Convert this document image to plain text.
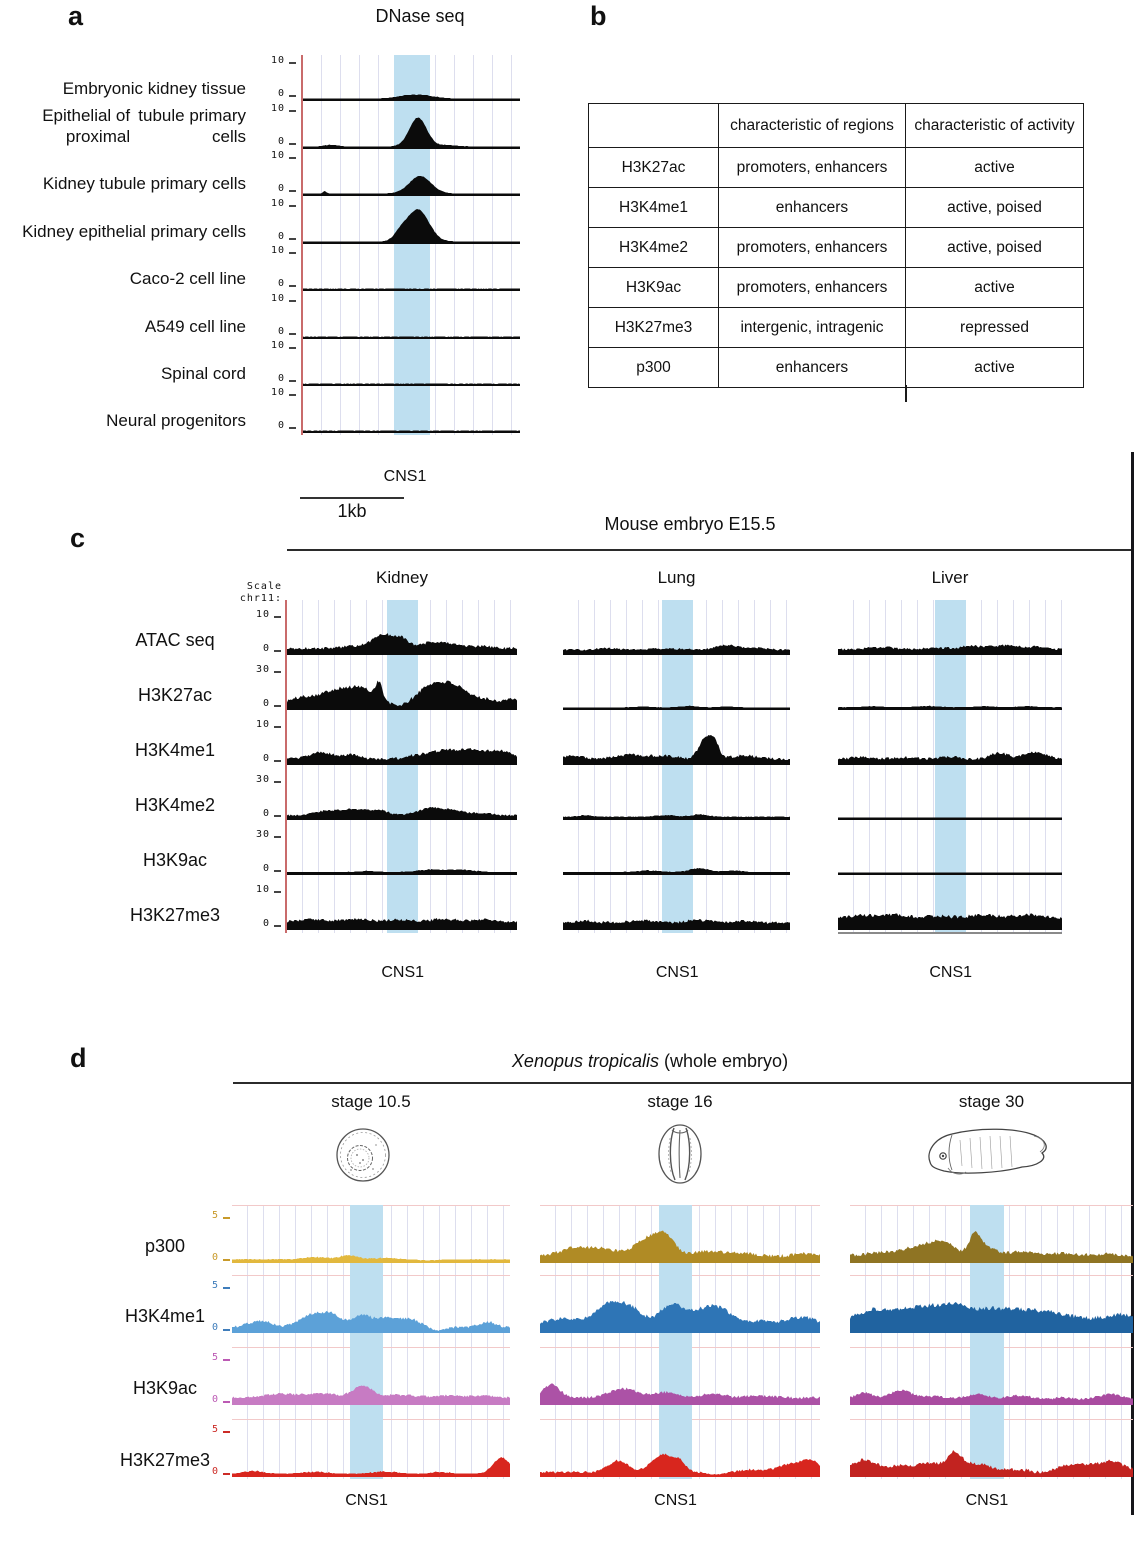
a	DNase seq	b
c	Mouse embryo E15.5
d	Xenopus tropicalis (whole embryo)
Scale
chr11:
1kb
	characteristic of regions	characteristic of activity
H3K27ac	promoters, enhancers	active
H3K4me1	enhancers	active, poised
H3K4me2	promoters, enhancers	active, poised
H3K9ac	promoters, enhancers	active
H3K27me3	intergenic, intragenic	repressed
p300	enhancers	active
Embryonic kidney tissue
10
0
Epithelial of proximal

tubule primary cells
10
0
Kidney tubule primary cells
10
0
Kidney epithelial primary cells
10
0
Caco-2 cell line
10
0
A549 cell line
10
0
Spinal cord
10
0
Neural progenitors
10
0
CNS1
Kidney
CNS1
Lung
CNS1
Liver
CNS1
ATAC seq
10
0
H3K27ac
30
0
H3K4me1
10
0
H3K4me2
30
0
H3K9ac
30
0
H3K27me3
10
0
stage 10.5
CNS1
stage 16
CNS1
stage 30
CNS1
p300
5
0
H3K4me1
5
0
H3K9ac
5
0
H3K27me3
5
0
